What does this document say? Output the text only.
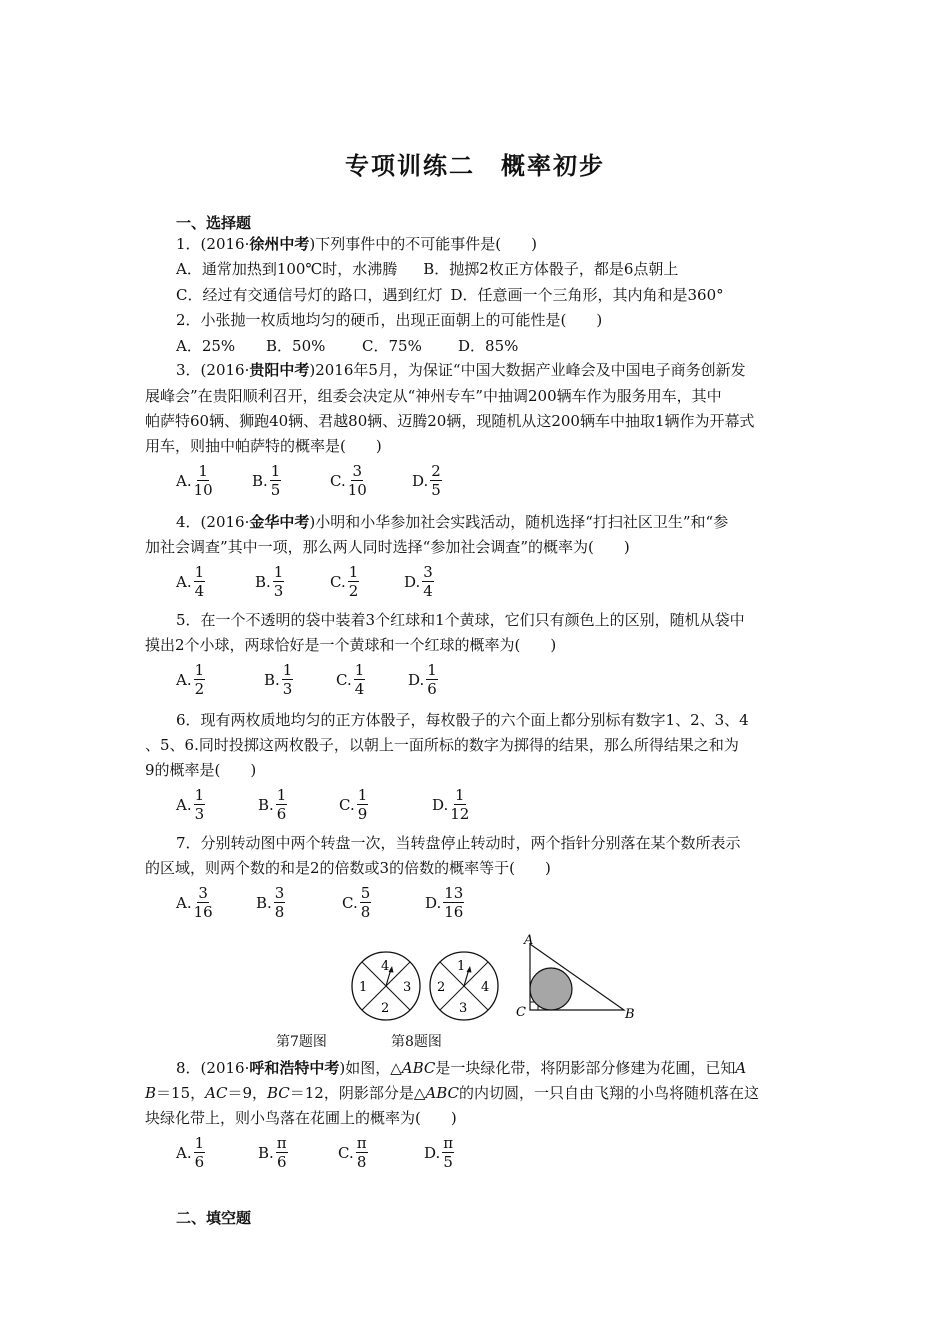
专项训练二　概率初步
一、选择题
1．(2016·徐州中考)下列事件中的不可能事件是(　　)
A．通常加热到100℃时，水沸腾 B．抛掷2枚正方体骰子，都是6点朝上
C．经过有交通信号灯的路口，遇到红灯 D．任意画一个三角形，其内角和是360°
2．小张抛一枚质地均匀的硬币，出现正面朝上的可能性是(　　)
A．25% B．50% C．75% D．85%
3．(2016·贵阳中考)2016年5月，为保证“中国大数据产业峰会及中国电子商务创新发
展峰会”在贵阳顺利召开，组委会决定从“神州专车”中抽调200辆车作为服务用车，其中
帕萨特60辆、狮跑40辆、君越80辆、迈腾20辆，现随机从这200辆车中抽取1辆作为开幕式
用车，则抽中帕萨特的概率是(　　)
A. $\frac{1}{10}$	B. $\frac{1}{5}$	C. $\frac{3}{10}$	D. $\frac{2}{5}$
4．(2016·金华中考)小明和小华参加社会实践活动，随机选择“打扫社区卫生”和“参
加社会调查”其中一项，那么两人同时选择“参加社会调查”的概率为(　　)
A. $\frac{1}{4}$	B. $\frac{1}{3}$	C. $\frac{1}{2}$	D. $\frac{3}{4}$
5．在一个不透明的袋中装着3个红球和1个黄球，它们只有颜色上的区别，随机从袋中
摸出2个小球，两球恰好是一个黄球和一个红球的概率为(　　)
A. $\frac{1}{2}$	B. $\frac{1}{3}$	C. $\frac{1}{4}$	D. $\frac{1}{6}$
6．现有两枚质地均匀的正方体骰子，每枚骰子的六个面上都分别标有数字1、2、3、4
、5、6.同时投掷这两枚骰子，以朝上一面所标的数字为掷得的结果，那么所得结果之和为
9的概率是(　　)
A. $\frac{1}{3}$	B. $\frac{1}{6}$	C. $\frac{1}{9}$	D. $\frac{1}{12}$
7．分别转动图中两个转盘一次，当转盘停止转动时，两个指针分别落在某个数所表示
的区域，则两个数的和是2的倍数或3的倍数的概率等于(　　)
A. $\frac{3}{16}$	B. $\frac{3}{8}$	C. $\frac{5}{8}$	D. $\frac{13}{16}$
4
1	3
2
1
2	4
3
A
C	B
第7题图	第8题图
8．(2016·呼和浩特中考)如图，△ABC是一块绿化带，将阴影部分修建为花圃，已知A
B＝15，AC＝9，BC＝12，阴影部分是△ABC的内切圆，一只自由飞翔的小鸟将随机落在这
块绿化带上，则小鸟落在花圃上的概率为(　　)
A. $\frac{1}{6}$	B. $\frac{\pi}{6}$	C. $\frac{\pi}{8}$	D. $\frac{\pi}{5}$
二、填空题
